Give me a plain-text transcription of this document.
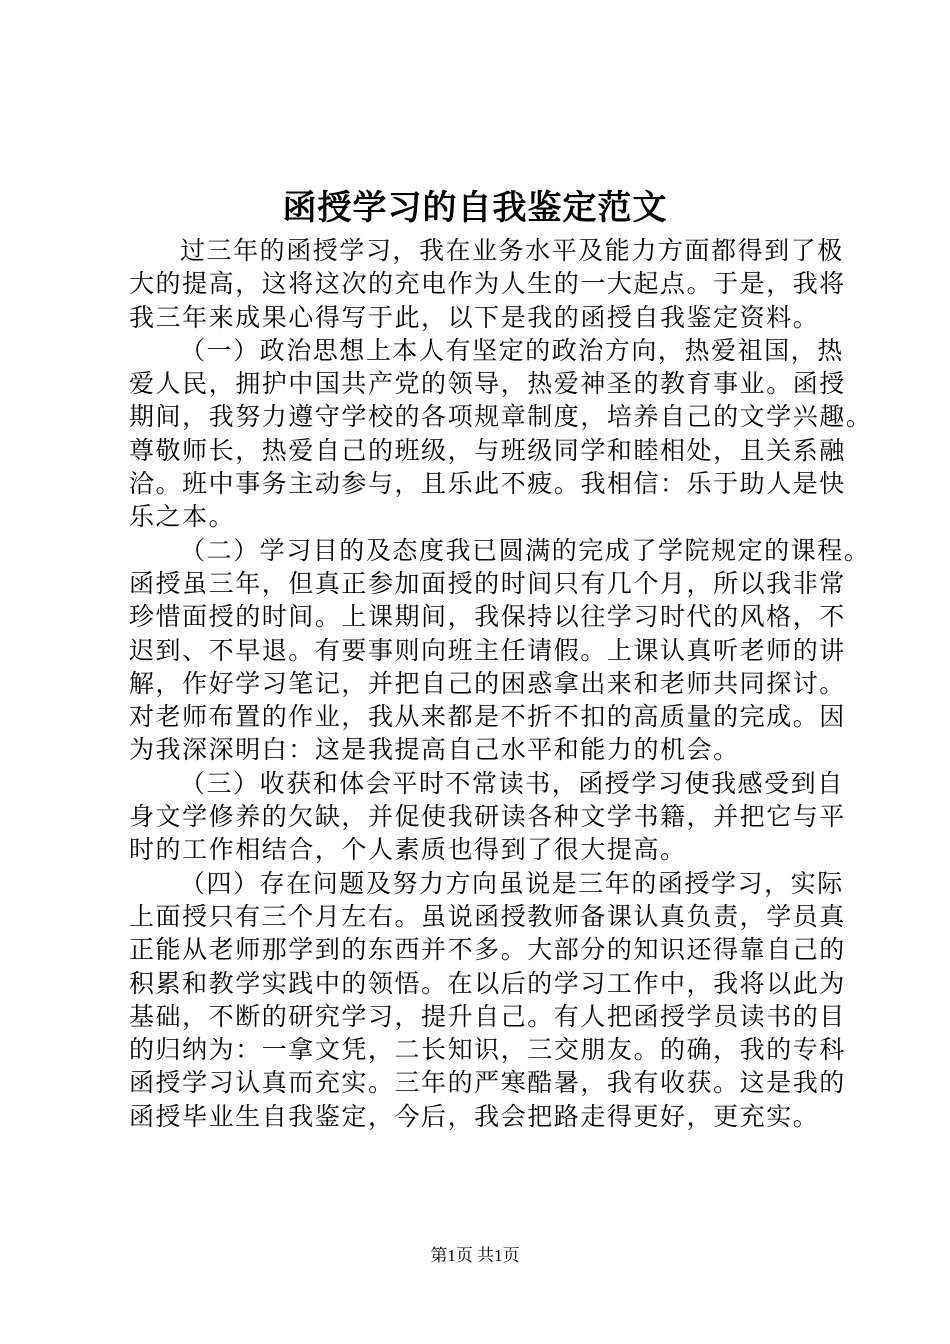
函授学习的自我鉴定范文
过三年的函授学习，我在业务水平及能力方面都得到了极
大的提高，这将这次的充电作为人生的一大起点。于是，我将
我三年来成果心得写于此，以下是我的函授自我鉴定资料。
（一）政治思想上本人有坚定的政治方向，热爱祖国，热
爱人民，拥护中国共产党的领导，热爱神圣的教育事业。函授
期间，我努力遵守学校的各项规章制度，培养自己的文学兴趣。
尊敬师长，热爱自己的班级，与班级同学和睦相处，且关系融
洽。班中事务主动参与，且乐此不疲。我相信：乐于助人是快
乐之本。
（二）学习目的及态度我已圆满的完成了学院规定的课程。
函授虽三年，但真正参加面授的时间只有几个月，所以我非常
珍惜面授的时间。上课期间，我保持以往学习时代的风格，不
迟到、不早退。有要事则向班主任请假。上课认真听老师的讲
解，作好学习笔记，并把自己的困惑拿出来和老师共同探讨。
对老师布置的作业，我从来都是不折不扣的高质量的完成。因
为我深深明白：这是我提高自己水平和能力的机会。
（三）收获和体会平时不常读书，函授学习使我感受到自
身文学修养的欠缺，并促使我研读各种文学书籍，并把它与平
时的工作相结合，个人素质也得到了很大提高。
（四）存在问题及努力方向虽说是三年的函授学习，实际
上面授只有三个月左右。虽说函授教师备课认真负责，学员真
正能从老师那学到的东西并不多。大部分的知识还得靠自己的
积累和教学实践中的领悟。在以后的学习工作中，我将以此为
基础，不断的研究学习，提升自己。有人把函授学员读书的目
的归纳为：一拿文凭，二长知识，三交朋友。的确，我的专科
函授学习认真而充实。三年的严寒酷暑，我有收获。这是我的
函授毕业生自我鉴定，今后，我会把路走得更好，更充实。
第1页 共1页
